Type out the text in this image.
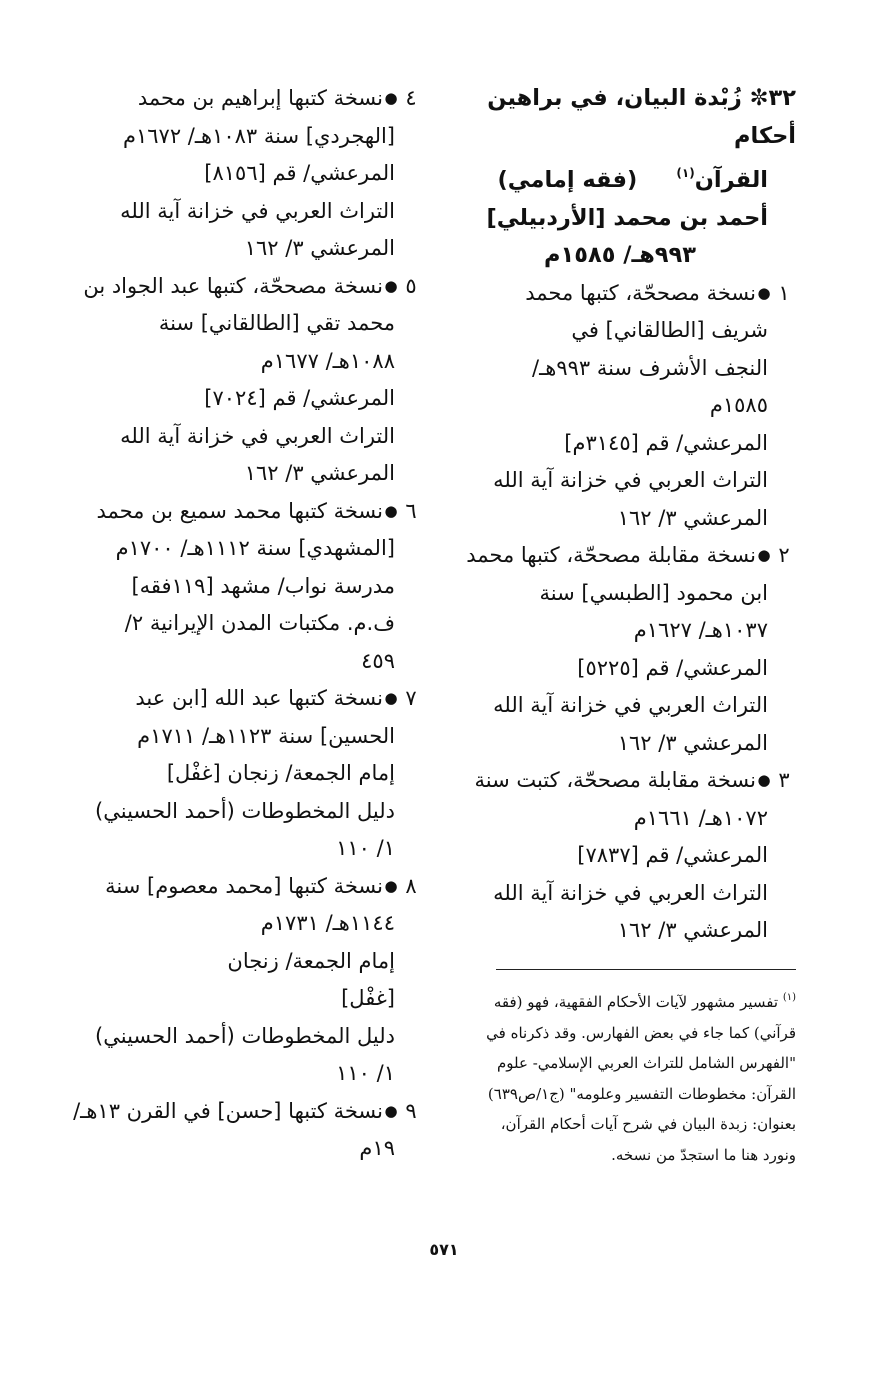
٣٢✼ زُبْدة البيان، في براهين أحكام
القرآن$^{(١)}$     (فقه إمامي)
أحمد بن محمد [الأردبيلي]
٩٩٣هـ/ ١٥٨٥م
١●نسخة مصححّة، كتبها محمد
شريف [الطالقاني] في
النجف الأشرف سنة ٩٩٣هـ/
١٥٨٥م
المرعشي/ قم [٣١٤٥م]
التراث العربي في خزانة آية الله
المرعشي ٣/ ١٦٢
٢●نسخة مقابلة مصححّة، كتبها محمد
ابن محمود [الطبسي] سنة
١٠٣٧هـ/ ١٦٢٧م
المرعشي/ قم [٥٢٢٥]
التراث العربي في خزانة آية الله
المرعشي ٣/ ١٦٢
٣●نسخة مقابلة مصححّة، كتبت سنة
١٠٧٢هـ/ ١٦٦١م
المرعشي/ قم [٧٨٣٧]
التراث العربي في خزانة آية الله
المرعشي ٣/ ١٦٢
٤●نسخة كتبها إبراهيم بن محمد
[الهجردي] سنة ١٠٨٣هـ/ ١٦٧٢م
المرعشي/ قم [٨١٥٦]
التراث العربي في خزانة آية الله
المرعشي ٣/ ١٦٢
٥●نسخة مصححّة، كتبها عبد الجواد بن
محمد تقي [الطالقاني] سنة
١٠٨٨هـ/ ١٦٧٧م
المرعشي/ قم [٧٠٢٤]
التراث العربي في خزانة آية الله
المرعشي ٣/ ١٦٢
٦●نسخة كتبها محمد سميع بن محمد
[المشهدي] سنة ١١١٢هـ/ ١٧٠٠م
مدرسة نواب/ مشهد [١١٩فقه]
ف.م. مكتبات المدن الإيرانية ٢/
٤٥٩
٧●نسخة كتبها عبد الله [ابن عبد
الحسين] سنة ١١٢٣هـ/ ١٧١١م
إمام الجمعة/ زنجان [غفْل]
دليل المخطوطات (أحمد الحسيني)
١/ ١١٠
٨●نسخة كتبها [محمد معصوم] سنة
١١٤٤هـ/ ١٧٣١م
إمام الجمعة/ زنجان
[غفْل]
دليل المخطوطات (أحمد الحسيني)
١/ ١١٠
٩●نسخة كتبها [حسن] في القرن ١٣هـ/
١٩م
$^{(١)}$ تفسير مشهور لآيات الأحكام الفقهية، فهو (فقه
قرآني) كما جاء في بعض الفهارس. وقد ذكرناه في
"الفهرس الشامل للتراث العربي الإسلامي- علوم
القرآن: مخطوطات التفسير وعلومه" (ج١/ص٦٣٩)
بعنوان: زبدة البيان في شرح آيات أحكام القرآن،
ونورد هنا ما استجدّ من نسخه.
٥٧١
